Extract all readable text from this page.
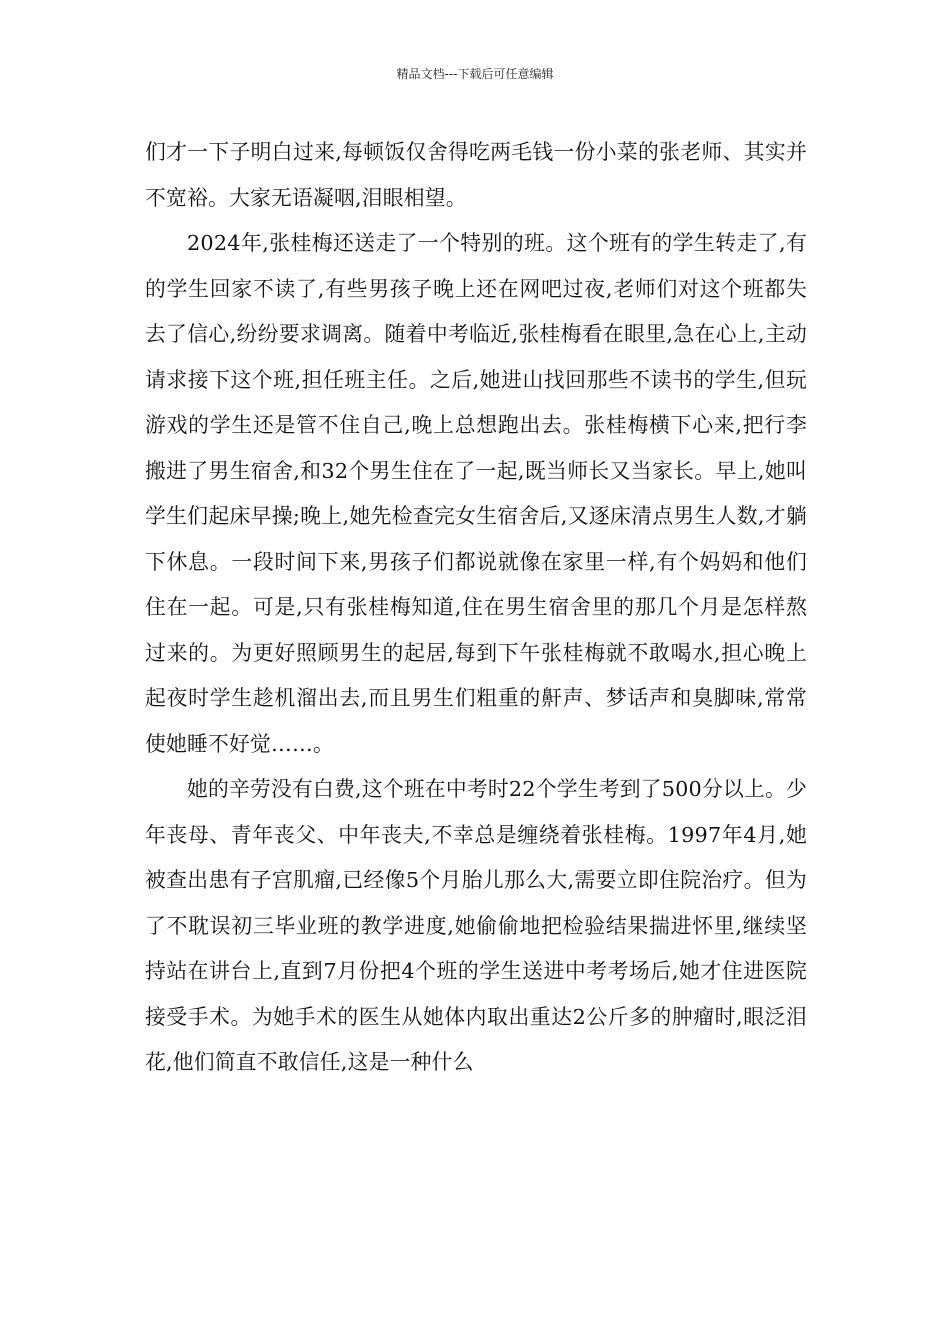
精品文档---下载后可任意编辑

们才一下子明白过来,每顿饭仅舍得吃两毛钱一份小菜的张老师、其实并不宽裕。大家无语凝咽,泪眼相望。

2024年,张桂梅还送走了一个特别的班。这个班有的学生转走了,有的学生回家不读了,有些男孩子晚上还在网吧过夜,老师们对这个班都失去了信心,纷纷要求调离。随着中考临近,张桂梅看在眼里,急在心上,主动请求接下这个班,担任班主任。之后,她进山找回那些不读书的学生,但玩游戏的学生还是管不住自己,晚上总想跑出去。张桂梅横下心来,把行李搬进了男生宿舍,和32个男生住在了一起,既当师长又当家长。早上,她叫学生们起床早操;晚上,她先检查完女生宿舍后,又逐床清点男生人数,才躺下休息。一段时间下来,男孩子们都说就像在家里一样,有个妈妈和他们住在一起。可是,只有张桂梅知道,住在男生宿舍里的那几个月是怎样熬过来的。为更好照顾男生的起居,每到下午张桂梅就不敢喝水,担心晚上起夜时学生趁机溜出去,而且男生们粗重的鼾声、梦话声和臭脚味,常常使她睡不好觉……。

她的辛劳没有白费,这个班在中考时22个学生考到了500分以上。少年丧母、青年丧父、中年丧夫,不幸总是缠绕着张桂梅。1997年4月,她被查出患有子宫肌瘤,已经像5个月胎儿那么大,需要立即住院治疗。但为了不耽误初三毕业班的教学进度,她偷偷地把检验结果揣进怀里,继续坚持站在讲台上,直到7月份把4个班的学生送进中考考场后,她才住进医院接受手术。为她手术的医生从她体内取出重达2公斤多的肿瘤时,眼泛泪花,他们简直不敢信任,这是一种什么
